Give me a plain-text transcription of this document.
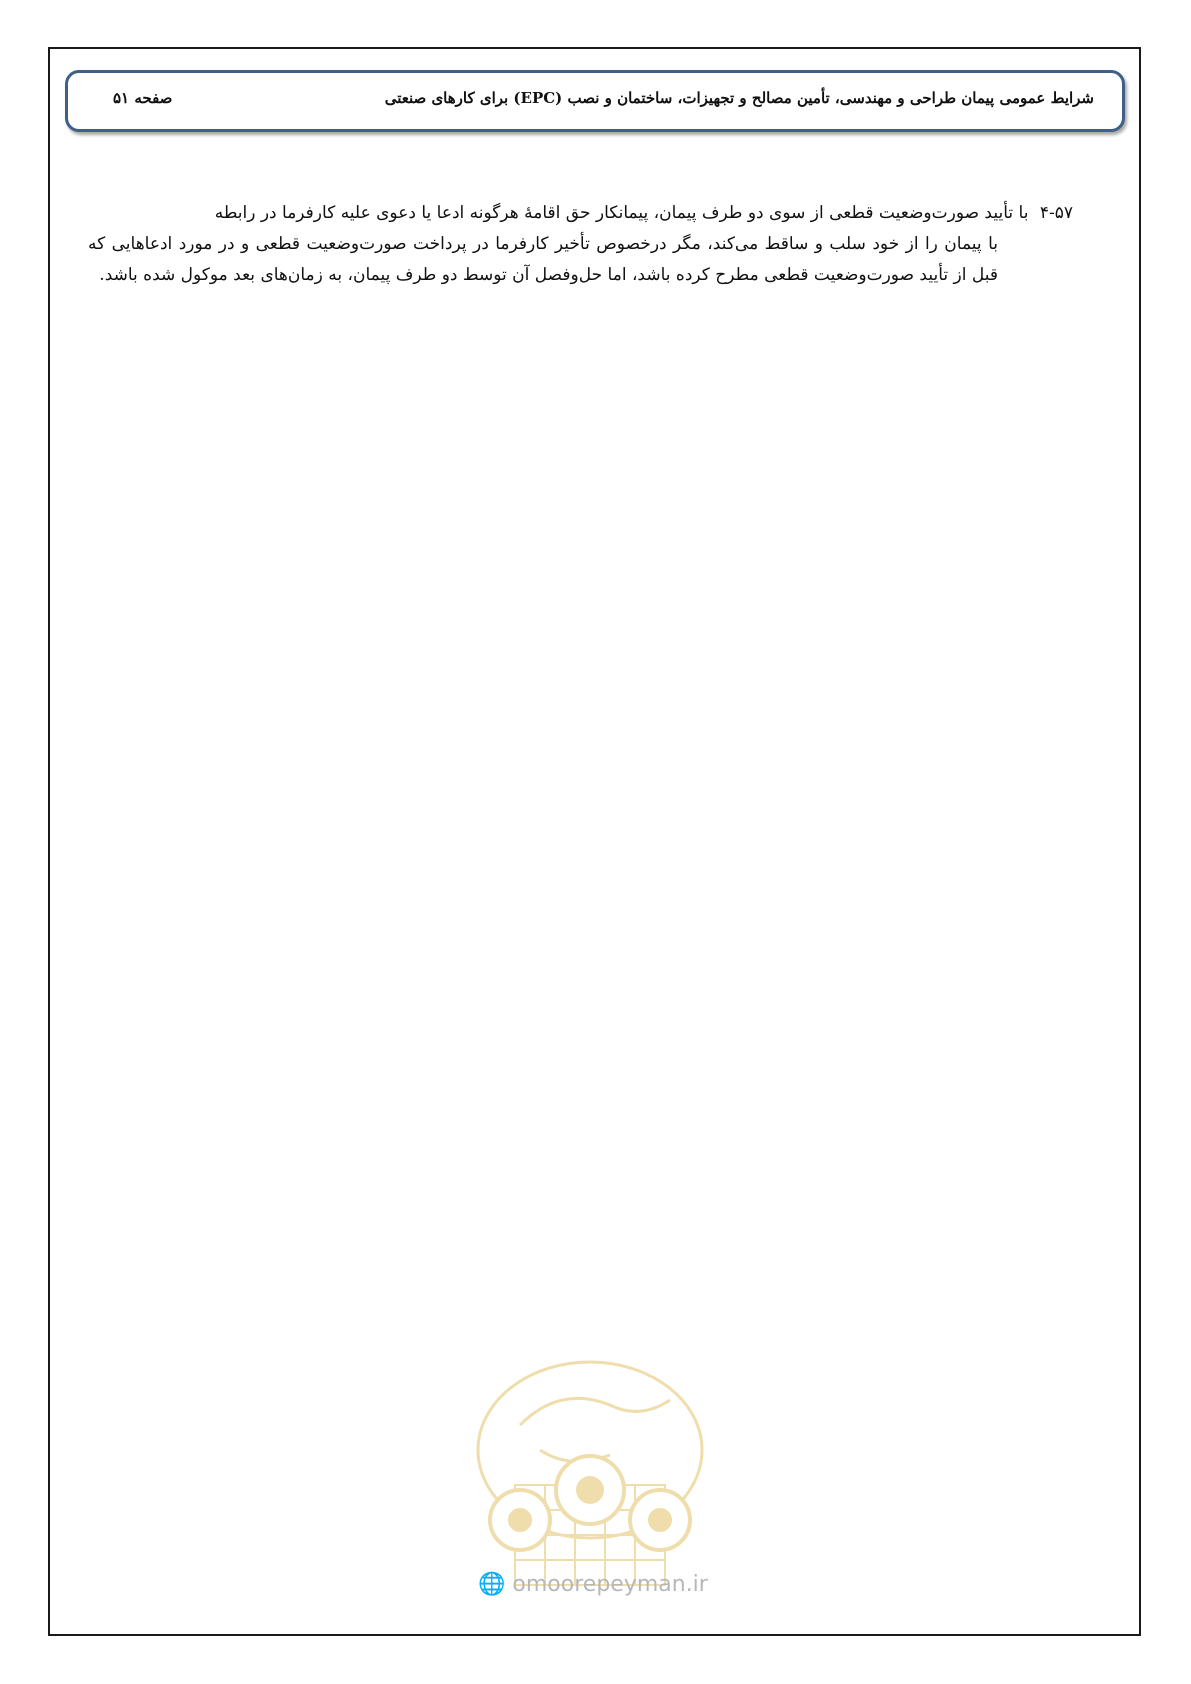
شرایط عمومی پیمان طراحی و مهندسی، تأمین مصالح و تجهیزات، ساختمان و نصب (EPC) برای کارهای صنعتی
صفحه ۵۱
۴-۵۷ با تأیید صورت‌وضعیت قطعی از سوی دو طرف پیمان، پیمانکار حق اقامهٔ هرگونه ادعا یا دعوی علیه کارفرما در رابطه
با پیمان را از خود سلب و ساقط می‌کند، مگر درخصوص تأخیر کارفرما در پرداخت صورت‌وضعیت قطعی و در مورد ادعاهایی که قبل از تأیید صورت‌وضعیت قطعی مطرح کرده باشد، اما حل‌وفصل آن توسط دو طرف پیمان، به زمان‌های بعد موکول شده باشد.
🌐 omoorepeyman.ir
